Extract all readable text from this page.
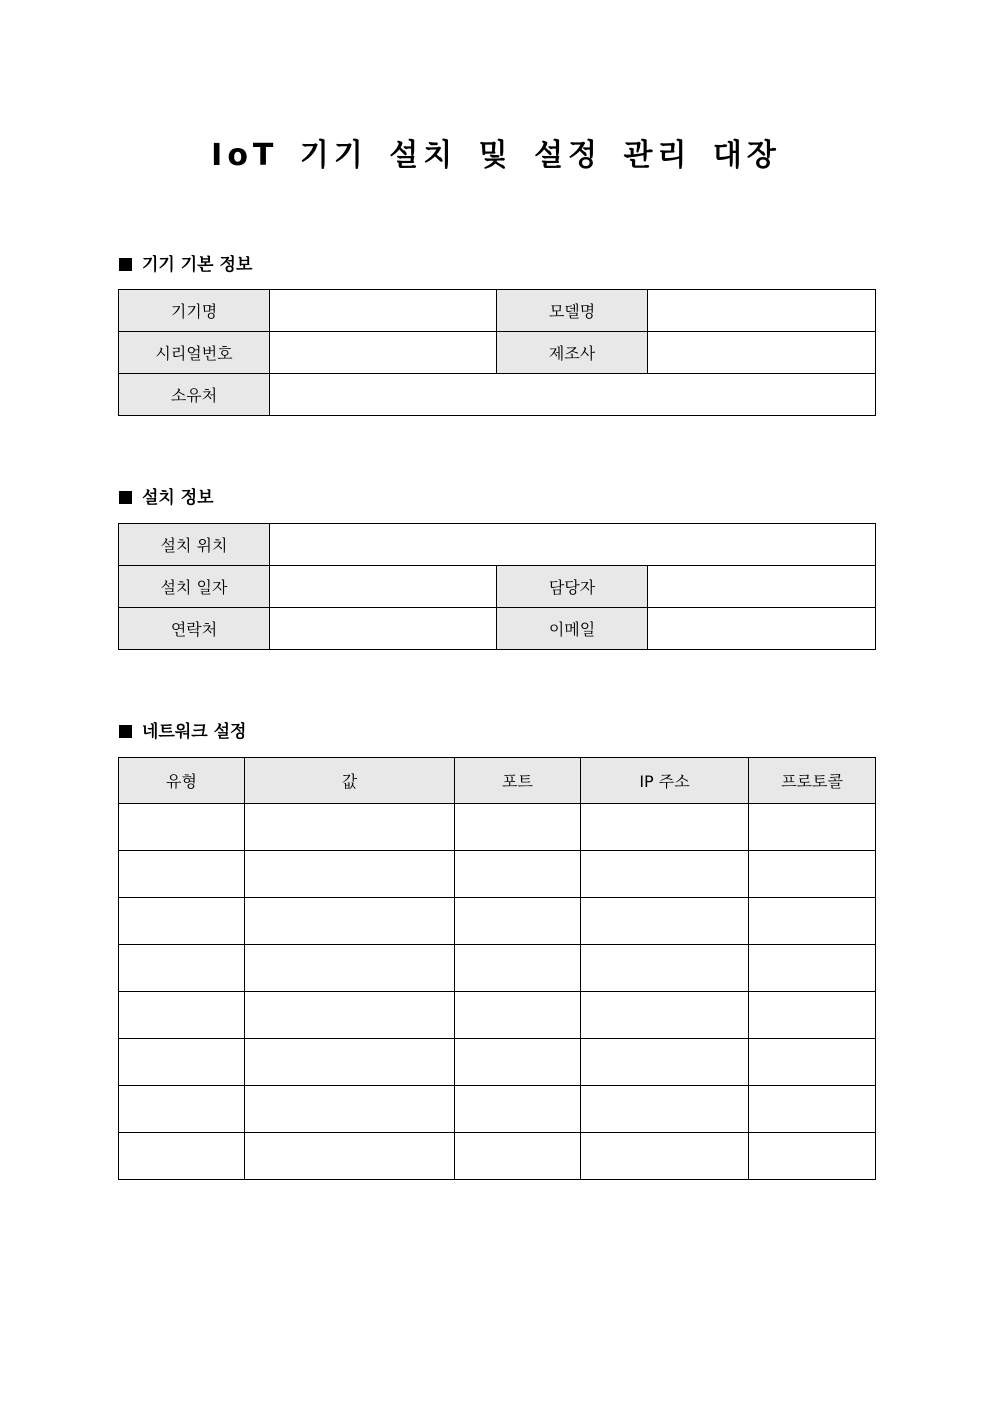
IoT 기기 설치 및 설정 관리 대장
기기 기본 정보
기기명		모델명	
시리얼번호		제조사	
소유처			
설치 정보
설치 위치			
설치 일자		담당자	
연락처		이메일	
네트워크 설정
유형	값	포트	IP 주소	프로토콜
